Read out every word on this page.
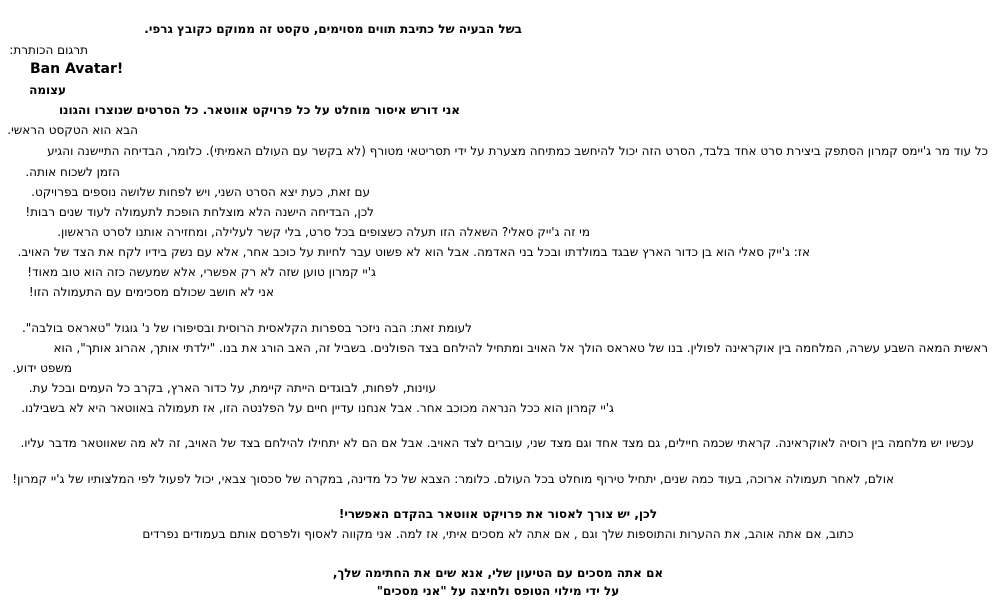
בשל הבעיה של כתיבת תווים מסוימים, טקסט זה ממוקם כקובץ גרפי.
תרגום הכותרת:
Ban Avatar!
עצומה
אני דורש איסור מוחלט על כל פרויקט אווטאר. כל הסרטים שנוצרו והגונו
הבא הוא הטקסט הראשי.
כל עוד מר ג'יימס קמרון הסתפק ביצירת סרט אחד בלבד, הסרט הזה יכול להיחשב כמתיחה מצערת על ידי תסריטאי מטורף (לא בקשר עם העולם האמיתי). כלומר, הבדיחה התיישנה והגיע
הזמן לשכוח אותה.
עם זאת, כעת יצא הסרט השני, ויש לפחות שלושה נוספים בפרויקט.
לכן, הבדיחה הישנה הלא מוצלחת הופכת לתעמולה לעוד שנים רבות!
מי זה ג'ייק סאלי? השאלה הזו תעלה כשצופים בכל סרט, בלי קשר לעלילה, ומחזירה אותנו לסרט הראשון.
אז: ג'ייק סאלי הוא בן כדור הארץ שבגד במולדתו ובכל בני האדמה. אבל הוא לא פשוט עבר לחיות על כוכב אחר, אלא עם נשק בידיו לקח את הצד של האויב.
ג'יי קמרון טוען שזה לא רק אפשרי, אלא שמעשה כזה הוא טוב מאוד!
אני לא חושב שכולם מסכימים עם התעמולה הזו!
לעומת זאת: הבה ניזכר בספרות הקלאסית הרוסית ובסיפורו של נ' גוגול "טאראס בולבה".
ראשית המאה השבע עשרה, המלחמה בין אוקראינה לפולין. בנו של טאראס הולך אל האויב ומתחיל להילחם בצד הפולנים. בשביל זה, האב הורג את בנו. "ילדתי אותך, אהרוג אותך", הוא
משפט ידוע.
עוינות, לפחות, לבוגדים הייתה קיימת, על כדור הארץ, בקרב כל העמים ובכל עת.
ג'יי קמרון הוא ככל הנראה מכוכב אחר. אבל אנחנו עדיין חיים על הפלנטה הזו, אז תעמולה באווטאר היא לא בשבילנו.
עכשיו יש מלחמה בין רוסיה לאוקראינה. קראתי שכמה חיילים, גם מצד אחד וגם מצד שני, עוברים לצד האויב. אבל אם הם לא יתחילו להילחם בצד של האויב, זה לא מה שאווטאר מדבר עליו.
אולם, לאחר תעמולה ארוכה, בעוד כמה שנים, יתחיל טירוף מוחלט בכל העולם. כלומר: הצבא של כל מדינה, במקרה של סכסוך צבאי, יכול לפעול לפי המלצותיו של ג'יי קמרון!
לכן, יש צורך לאסור את פרויקט אווטאר בהקדם האפשרי!
כתוב, אם אתה אוהב, את ההערות והתוספות שלך וגם , אם אתה לא מסכים איתי, אז למה. אני מקווה לאסוף ולפרסם אותם בעמודים נפרדים
אם אתה מסכים עם הטיעון שלי, אנא שים את החתימה שלך,
על ידי מילוי הטופס ולחיצה על "אני מסכים"
